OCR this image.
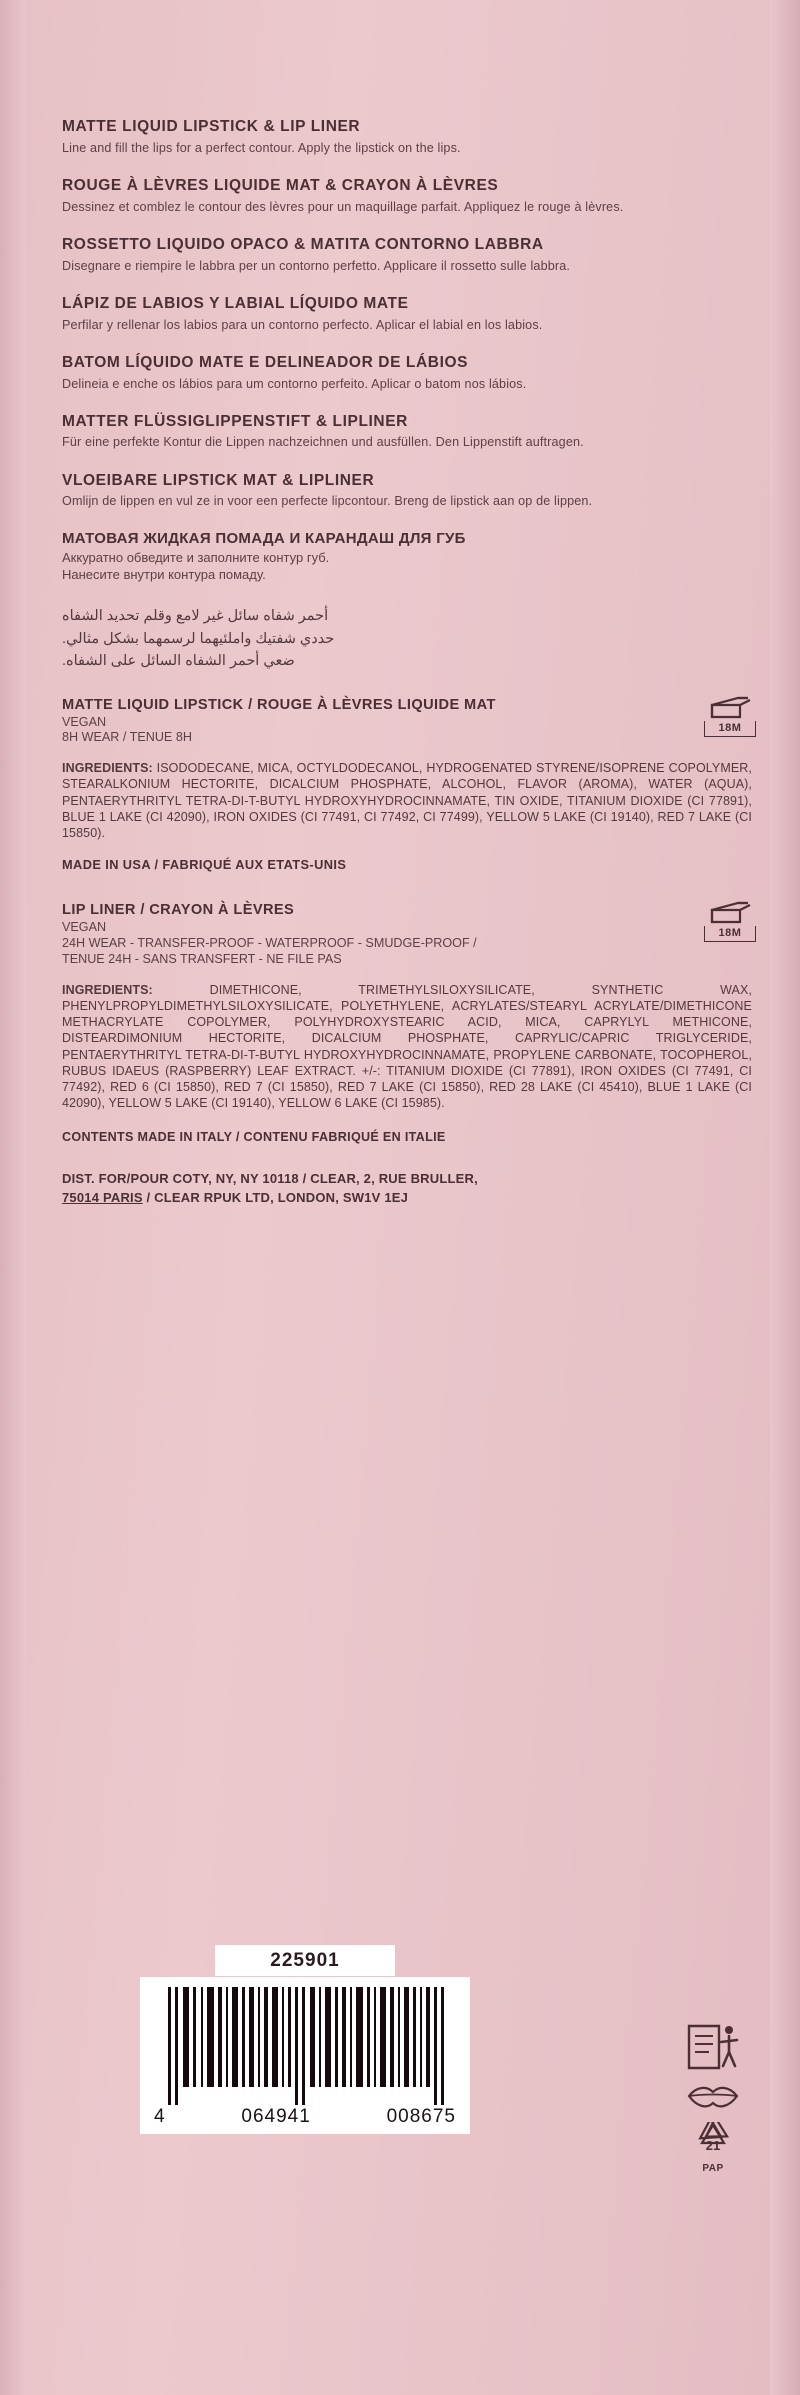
MATTE LIQUID LIPSTICK & LIP LINER

Line and fill the lips for a perfect contour. Apply the lipstick on the lips.

ROUGE À LÈVRES LIQUIDE MAT & CRAYON À LÈVRES

Dessinez et comblez le contour des lèvres pour un maquillage parfait. Appliquez le rouge à lèvres.

ROSSETTO LIQUIDO OPACO & MATITA CONTORNO LABBRA

Disegnare e riempire le labbra per un contorno perfetto. Applicare il rossetto sulle labbra.

LÁPIZ DE LABIOS Y LABIAL LÍQUIDO MATE

Perfilar y rellenar los labios para un contorno perfecto. Aplicar el labial en los labios.

BATOM LÍQUIDO MATE E DELINEADOR DE LÁBIOS

Delineia e enche os lábios para um contorno perfeito. Aplicar o batom nos lábios.

MATTER FLÜSSIGLIPPENSTIFT & LIPLINER

Für eine perfekte Kontur die Lippen nachzeichnen und ausfüllen. Den Lippenstift auftragen.

VLOEIBARE LIPSTICK MAT & LIPLINER

Omlijn de lippen en vul ze in voor een perfecte lipcontour. Breng de lipstick aan op de lippen.

МАТОВАЯ ЖИДКАЯ ПОМАДА И КАРАНДАШ ДЛЯ ГУБ

Аккуратно обведите и заполните контур губ.

Нанесите внутри контура помаду.

أحمر شفاه سائل غير لامع وقلم تحديد الشفاه

حددي شفتيك واملئيهما لرسمهما بشكل مثالي.

ضعي أحمر الشفاه السائل على الشفاه.

18M

MATTE LIQUID LIPSTICK / ROUGE À LÈVRES LIQUIDE MAT

VEGAN

8H WEAR / TENUE 8H

INGREDIENTS: ISODODECANE, MICA, OCTYLDODECANOL, HYDROGENATED STYRENE/ISOPRENE COPOLYMER, STEARALKONIUM HECTORITE, DICALCIUM PHOSPHATE, ALCOHOL, FLAVOR (AROMA), WATER (AQUA), PENTAERYTHRITYL TETRA-DI-T-BUTYL HYDROXYHYDROCINNAMATE, TIN OXIDE, TITANIUM DIOXIDE (CI 77891), BLUE 1 LAKE (CI 42090), IRON OXIDES (CI 77491, CI 77492, CI 77499), YELLOW 5 LAKE (CI 19140), RED 7 LAKE (CI 15850).

MADE IN USA / FABRIQUÉ AUX ETATS-UNIS

18M

LIP LINER / CRAYON À LÈVRES

VEGAN

24H WEAR - TRANSFER-PROOF - WATERPROOF - SMUDGE-PROOF /

TENUE 24H - SANS TRANSFERT - NE FILE PAS

INGREDIENTS: DIMETHICONE, TRIMETHYLSILOXYSILICATE, SYNTHETIC WAX, PHENYLPROPYLDIMETHYLSILOXYSILICATE, POLYETHYLENE, ACRYLATES/STEARYL ACRYLATE/DIMETHICONE METHACRYLATE COPOLYMER, POLYHYDROXYSTEARIC ACID, MICA, CAPRYLYL METHICONE, DISTEARDIMONIUM HECTORITE, DICALCIUM PHOSPHATE, CAPRYLIC/CAPRIC TRIGLYCERIDE, PENTAERYTHRITYL TETRA-DI-T-BUTYL HYDROXYHYDROCINNAMATE, PROPYLENE CARBONATE, TOCOPHEROL, RUBUS IDAEUS (RASPBERRY) LEAF EXTRACT. +/-: TITANIUM DIOXIDE (CI 77891), IRON OXIDES (CI 77491, CI 77492), RED 6 (CI 15850), RED 7 (CI 15850), RED 7 LAKE (CI 15850), RED 28 LAKE (CI 45410), BLUE 1 LAKE (CI 42090), YELLOW 5 LAKE (CI 19140), YELLOW 6 LAKE (CI 15985).

CONTENTS MADE IN ITALY / CONTENU FABRIQUÉ EN ITALIE

DIST. FOR/POUR COTY, NY, NY 10118 / CLEAR, 2, RUE BRULLER,

75014 PARIS / CLEAR RPUK LTD, LONDON, SW1V 1EJ

225901
4	064941	008675
21
PAP
